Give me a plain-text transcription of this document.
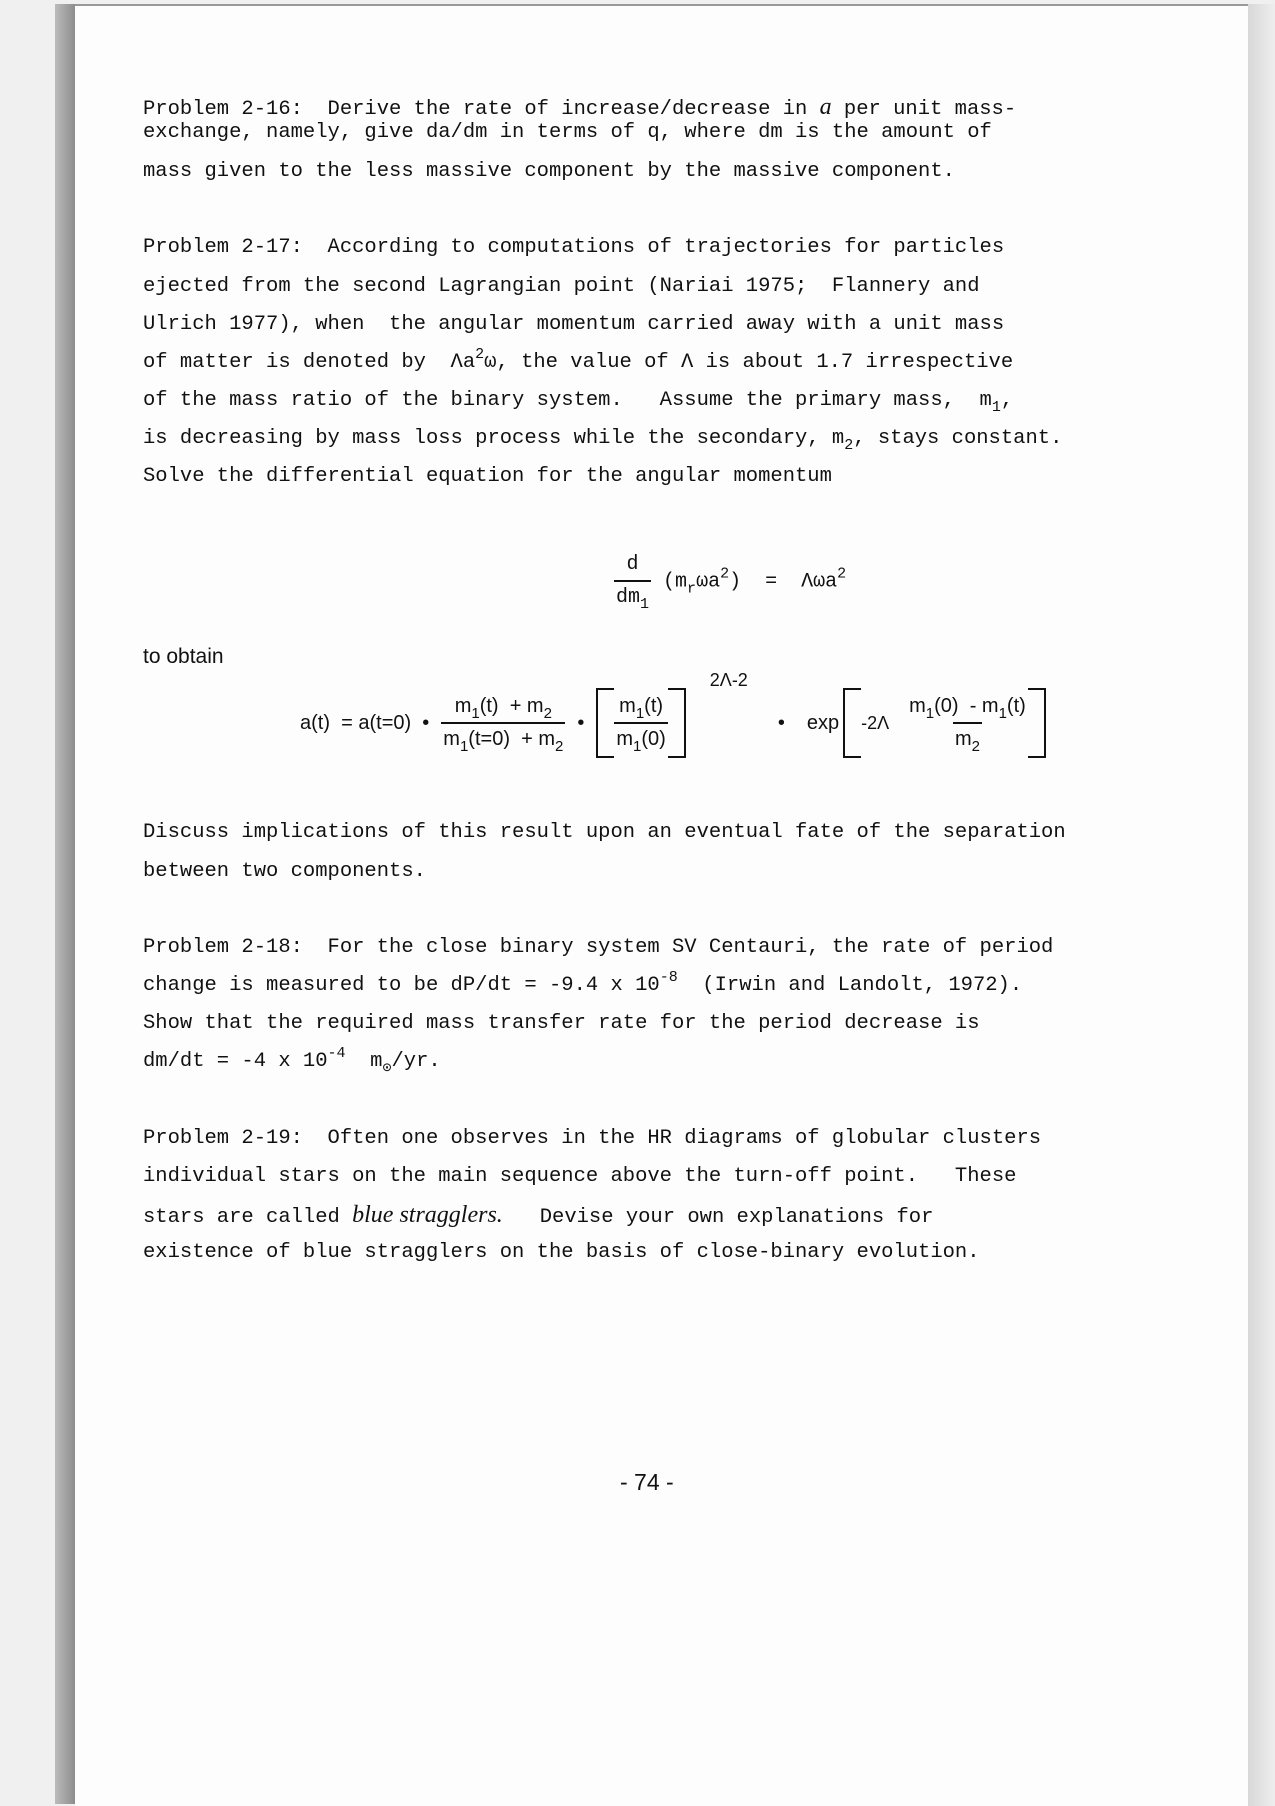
Problem 2-16:  Derive the rate of increase/decrease in a per unit mass-
exchange, namely, give da/dm in terms of q, where dm is the amount of
mass given to the less massive component by the massive component.
Problem 2-17:  According to computations of trajectories for particles
ejected from the second Lagrangian point (Nariai 1975;  Flannery and
Ulrich 1977), when  the angular momentum carried away with a unit mass
of matter is denoted by  $\Lambda a^2\omega$, the value of Λ is about 1.7 irrespective
of the mass ratio of the binary system.   Assume the primary mass,  $m_1$,
is decreasing by mass loss process while the secondary, $m_2$, stays constant.
Solve the differential equation for the angular momentum

$\frac{d}{dm_1} (m_r\omega a^2) = \Lambda\omega a^2$

to obtain
a(t)  = a(t=0)  • $\frac{m_1(t) + m_2}{m_1(t=0) + m_2}$ • $\frac{m_1(t)}{m_1(0)}$
2Λ-2
• $\exp -2\Lambda \frac{m_1(0) - m_1(t)}{m_2}$
Discuss implications of this result upon an eventual fate of the separation
between two components.
Problem 2-18:  For the close binary system SV Centauri, the rate of period
change is measured to be dP/dt = -9.4 x $10^{-8}$  (Irwin and Landolt, 1972).
Show that the required mass transfer rate for the period decrease is
dm/dt = -4 x $10^{-4}$  $m_⊙/yr$.
Problem 2-19:  Often one observes in the HR diagrams of globular clusters
individual stars on the main sequence above the turn-off point.   These
stars are called blue stragglers.   Devise your own explanations for
existence of blue stragglers on the basis of close-binary evolution.
- 74 -
